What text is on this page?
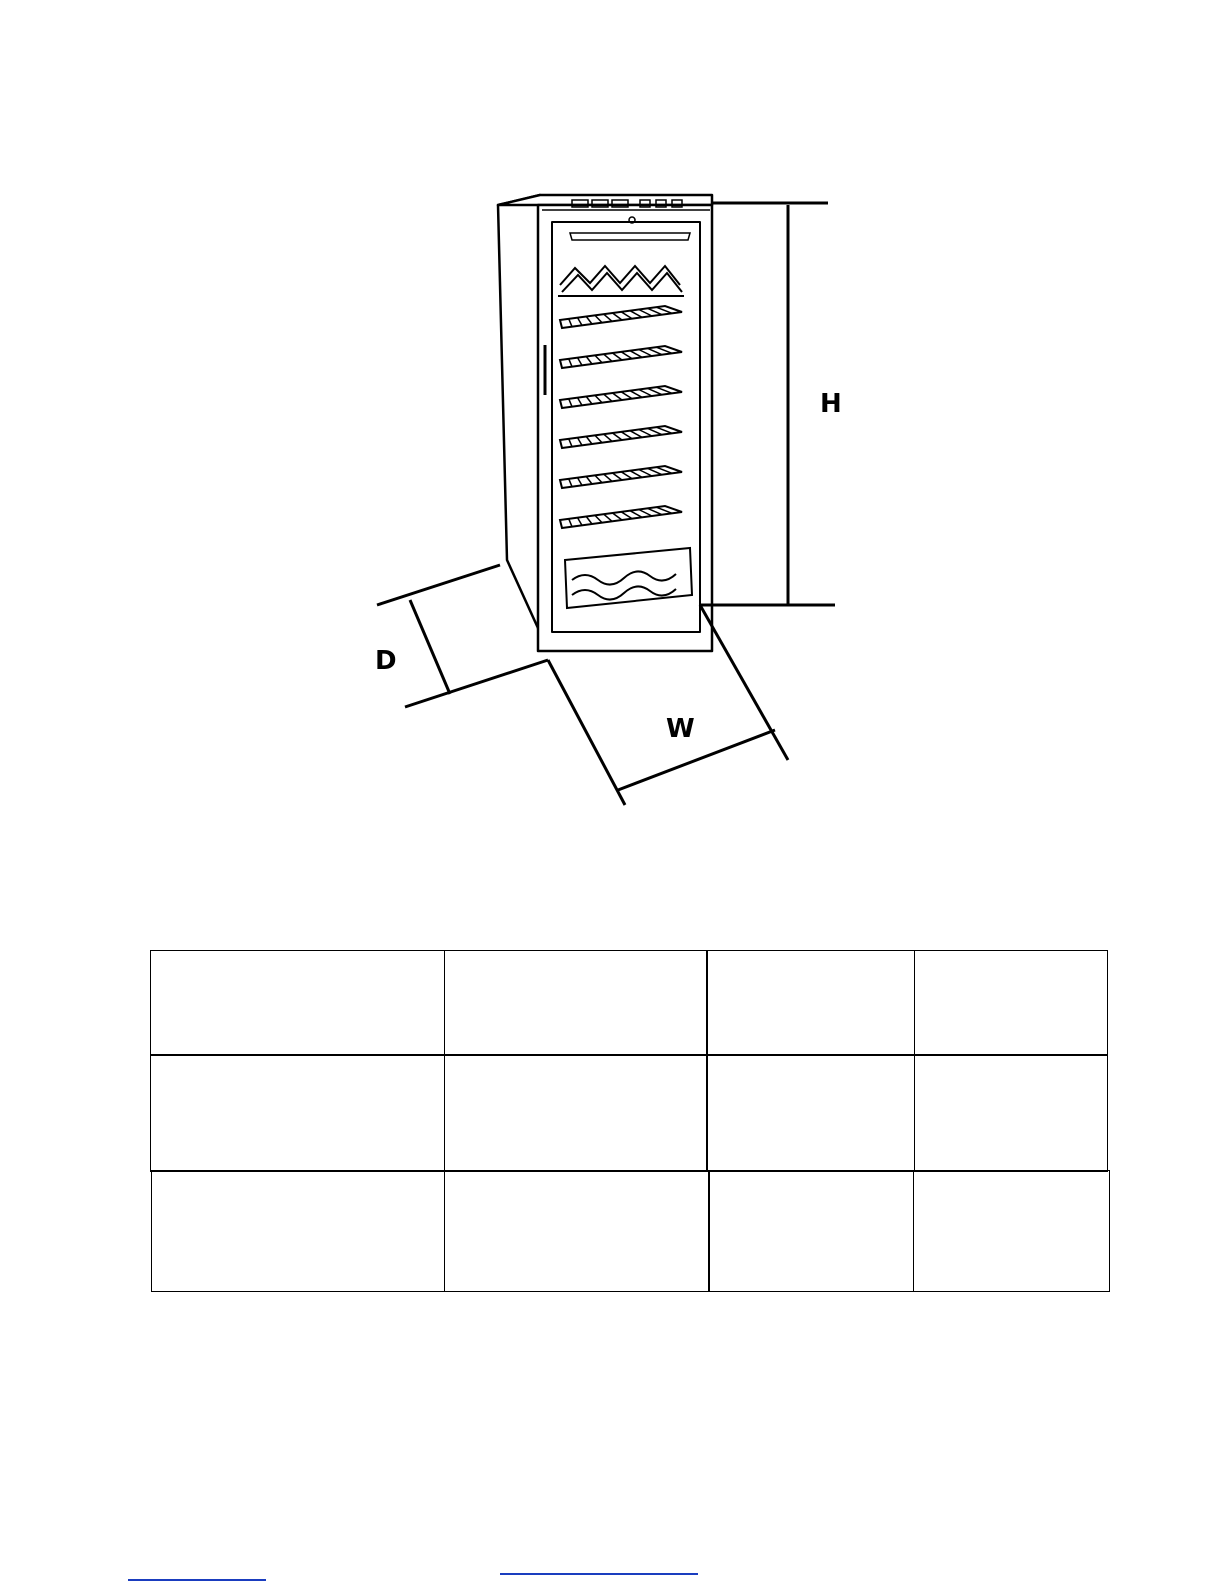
H
D
W
